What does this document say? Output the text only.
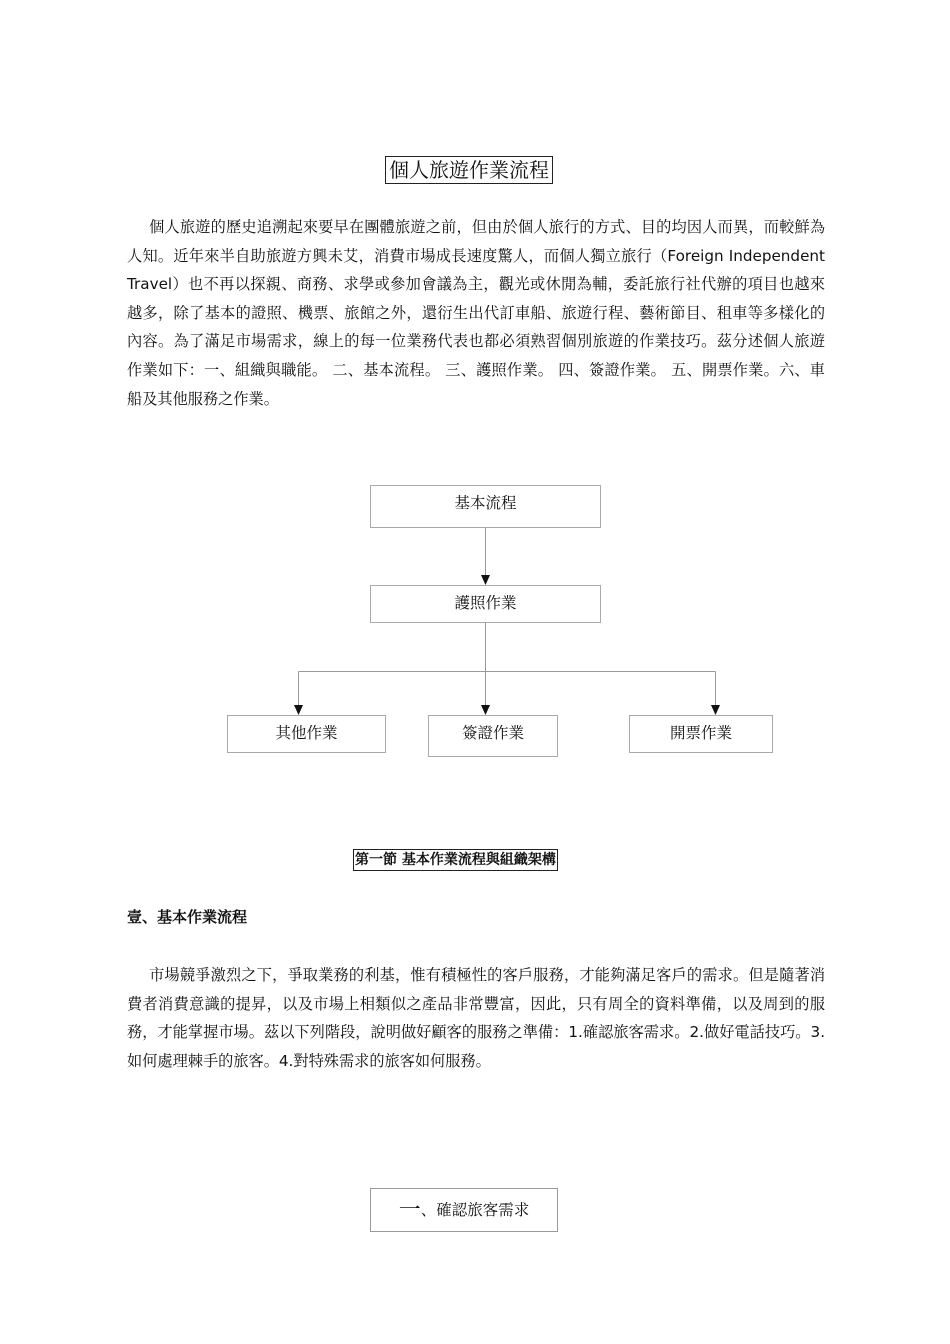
個人旅遊作業流程

個人旅遊的歷史追溯起來要早在團體旅遊之前，但由於個人旅行的方式、目的均因人而異，而較鮮為人知。近年來半自助旅遊方興未艾，消費市場成長速度驚人，而個人獨立旅行（Foreign Independent Travel）也不再以探親、商務、求學或參加會議為主，觀光或休閒為輔，委託旅行社代辦的項目也越來越多，除了基本的證照、機票、旅館之外，還衍生出代訂車船、旅遊行程、藝術節目、租車等多樣化的內容。為了滿足市場需求，線上的每一位業務代表也都必須熟習個別旅遊的作業技巧。茲分述個人旅遊作業如下：一、組織與職能。 二、基本流程。 三、護照作業。 四、簽證作業。 五、開票作業。六、車船及其他服務之作業。

基本流程
護照作業
其他作業	簽證作業	開票作業
第一節 基本作業流程與組織架構
壹、基本作業流程

市場競爭激烈之下，爭取業務的利基，惟有積極性的客戶服務，才能夠滿足客戶的需求。但是隨著消費者消費意識的提昇，以及市場上相類似之產品非常豐富，因此，只有周全的資料準備，以及周到的服務，才能掌握市場。茲以下列階段，說明做好顧客的服務之準備：1.確認旅客需求。2.做好電話技巧。3.如何處理棘手的旅客。4.對特殊需求的旅客如何服務。

一、確認旅客需求
